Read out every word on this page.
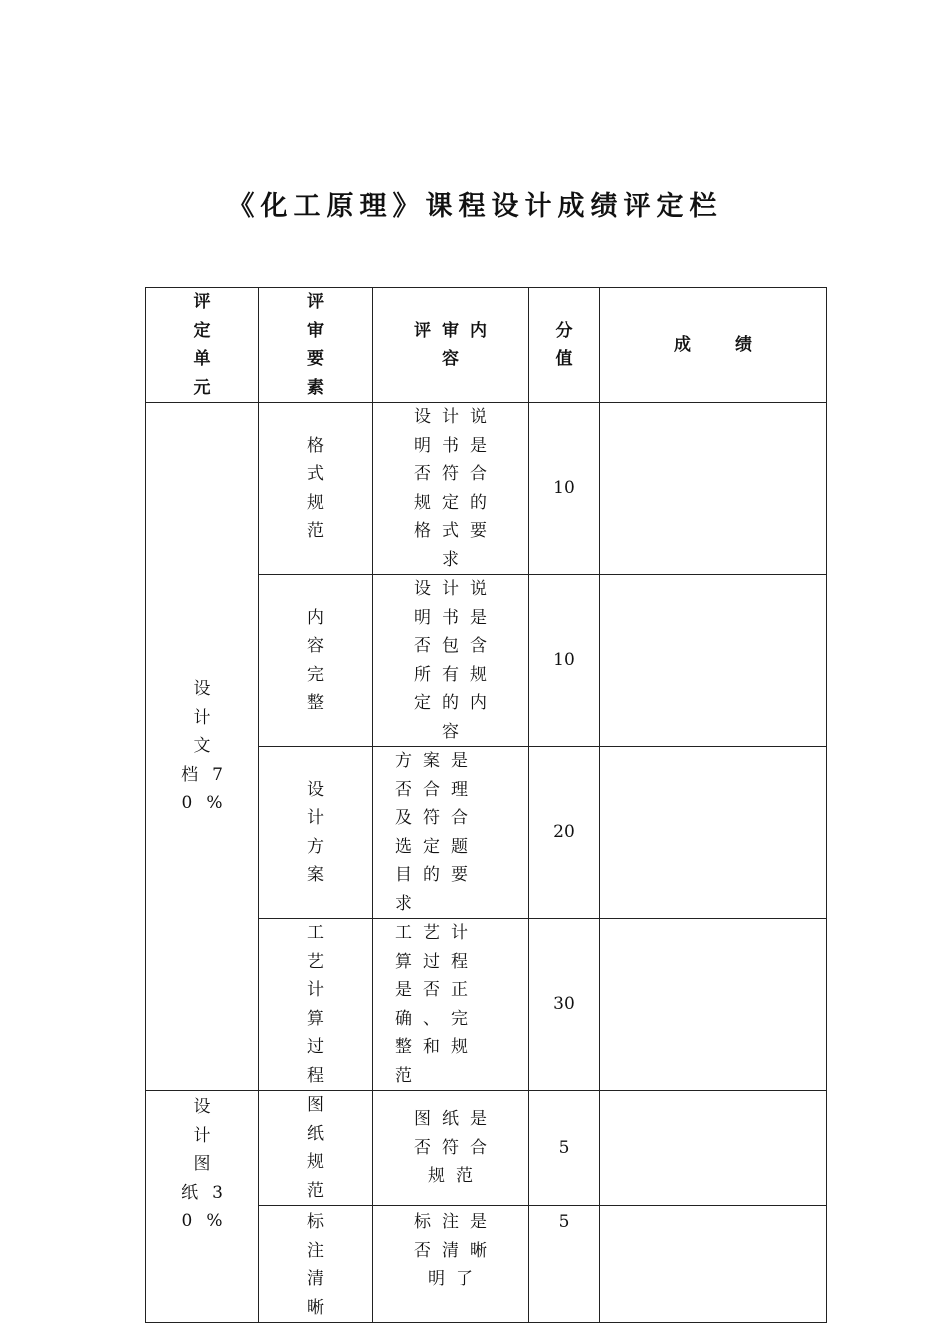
《化工原理》课程设计成绩评定栏
评定单元	评审要素	评审内容	分值	成绩
设计文档70%	格式规范	设计说明书是否符合规定的格式要求	10	
	内容完整	设计说明书是否包含所有规定的内容	10	
	设计方案	方案是否合理及符合选定题目的要求	20	
	工艺计算过程	工艺计算过程是否正确、完整和规范	30	
设计图纸30%	图纸规范	图纸是否符合规范	5	
	标注清晰	标注是否清晰明了	5	
